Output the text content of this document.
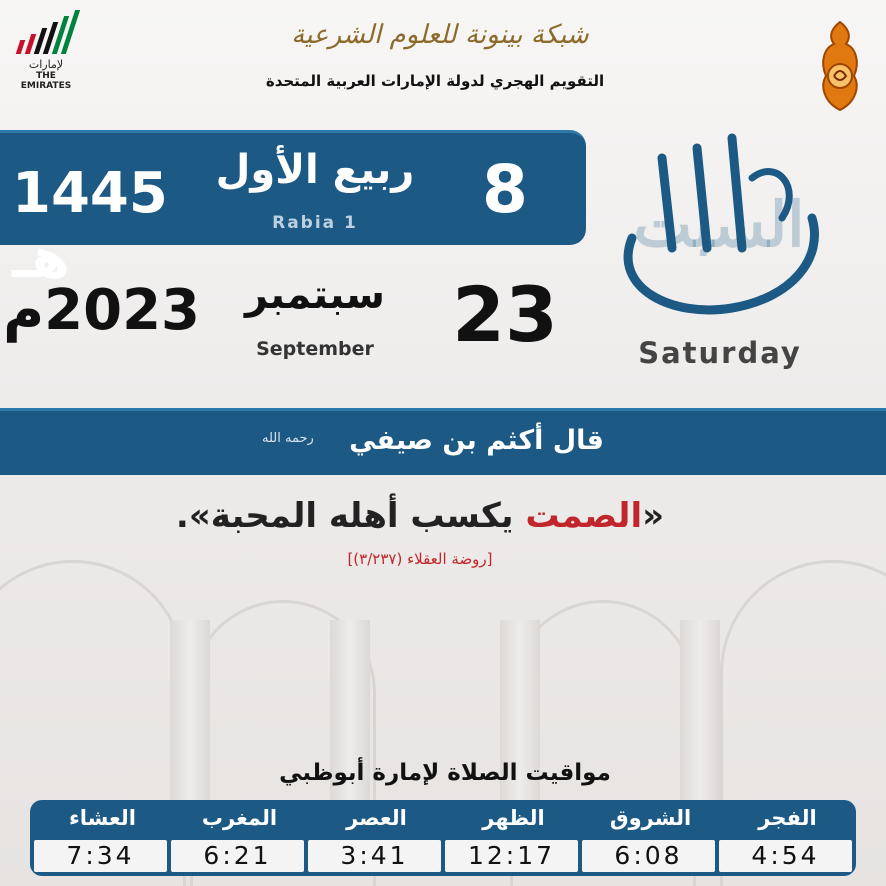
لإمارات
THE EMIRATES
شبكة بينونة للعلوم الشرعية
التقويم الهجري لدولة الإمارات العربية المتحدة
8
ربيع الأول
Rabia 1
1445 هـ
23
سبتمبر
September
2023م
السبت
Saturday
قال أكثم بن صيفي
رحمه الله
«الصمت يكسب أهله المحبة».
[روضة العقلاء (٣/٢٣٧)]
مواقيت الصلاة لإمارة أبوظبي
الفجر
الشروق
الظهر
العصر
المغرب
العشاء
4:54
6:08
12:17
3:41
6:21
7:34
